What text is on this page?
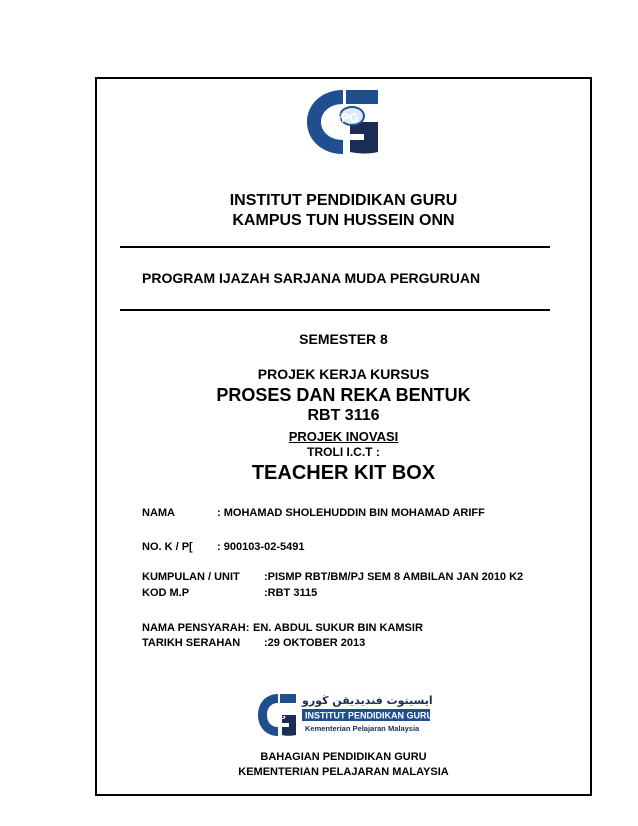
iPG
INSTITUT PENDIDIKAN GURU
KAMPUS TUN HUSSEIN ONN
PROGRAM IJAZAH SARJANA MUDA PERGURUAN
SEMESTER 8
PROJEK KERJA KURSUS
PROSES DAN REKA BENTUK
RBT 3116
PROJEK INOVASI
TROLI I.C.T :
TEACHER KIT BOX
NAMA	: MOHAMAD SHOLEHUDDIN BIN MOHAMAD ARIFF
NO. K / P[ : 900103-02-5491
KUMPULAN / UNIT :PISMP RBT/BM/PJ SEM 8 AMBILAN JAN 2010 K2
KOD M.P	:RBT 3115
NAMA PENSYARAH: EN. ABDUL SUKUR BIN KAMSIR
TARIKH SERAHAN :29 OKTOBER 2013
iPG
ايسيتوت فنديديقن ڬورو
INSTITUT PENDIDIKAN GURU
Kementerian Pelajaran Malaysia
BAHAGIAN PENDIDIKAN GURU
KEMENTERIAN PELAJARAN MALAYSIA
